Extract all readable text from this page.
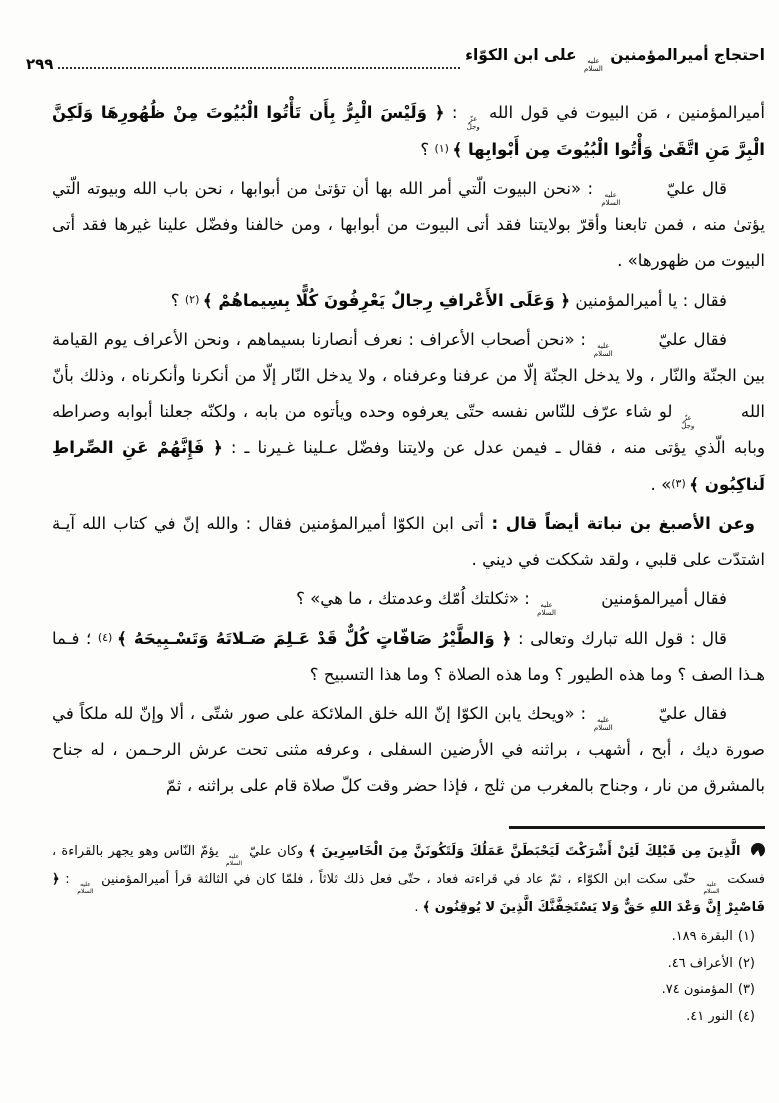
احتجاج أميرالمؤمنين
عليه
السلام
على ابن الكوّاء
٢٩٩

أميرالمؤمنين ، مَن البيوت في قول الله
عزّ
وجلّ
: ﴿ وَلَيْسَ الْبِرُّ بِأَن تَأْتُوا الْبُيُوتَ مِنْ ظُهُورِهَا وَلَكِنَّ الْبِرَّ مَنِ اتَّقَىٰ وَأْتُوا الْبُيُوتَ مِن أَبْوابِها ﴾ (١) ؟

قال عليّ
عليه
السلام
: «نحن البيوت الّتي أمر الله بها أن تؤتىٰ من أبوابها ، نحن باب الله وبيوته الّتي يؤتىٰ منه ، فمن تابعنا وأقرّ بولايتنا فقد أتى البيوت من أبوابها ، ومن خالفنا وفضّل علينا غيرها فقد أتى البيوت من ظهورها» .

فقال : يا أميرالمؤمنين ﴿ وَعَلَى الأَعْرافِ رِجالٌ يَعْرِفُونَ كُلًّا بِسِيماهُمْ ﴾ (٢) ؟

فقال عليّ
عليه
السلام
: «نحن أصحاب الأعراف : نعرف أنصارنا بسيماهم ، ونحن الأعراف يوم القيامة بين الجنّة والنّار ، ولا يدخل الجنّة إلّا من عرفنا وعرفناه ، ولا يدخل النّار إلّا من أنكرنا وأنكرناه ، وذلك بأنّ الله
عزّ
وجلّ
لو شاء عرّف للنّاس نفسه حتّى يعرفوه وحده ويأتوه من بابه ، ولكنّه جعلنا أبوابه وصراطه وبابه الّذي يؤتى منه ، فقال ـ فيمن عدل عن ولايتنا وفضّل عـلينا غـيرنا ـ : ﴿ فَإِنَّهُمْ عَنِ الصِّراطِ لَناكِبُون ﴾ (٣)» .

وعن الأصبغ بن نباتة أيضاً قال : أتى ابن الكوّا أميرالمؤمنين فقال : والله إنّ في كتاب الله آيـة اشتدّت على قلبي ، ولقد شككت في ديني .

فقال أميرالمؤمنين
عليه
السلام
: «ثكلتك اُمّك وعدمتك ، ما هي» ؟

قال : قول الله تبارك وتعالى : ﴿ وَالطَّيْرُ صَافّاتٍ كُلٌّ قَدْ عَـلِمَ صَـلاتَهُ وَتَسْـبِيحَهُ ﴾ (٤) ؛ فـما هـذا الصف ؟ وما هذه الطيور ؟ وما هذه الصلاة ؟ وما هذا التسبيح ؟

فقال عليّ
عليه
السلام
: «ويحك يابن الكوّا إنّ الله خلق الملائكة على صور شتّى ، ألا وإنّ لله ملكاً في صورة ديك ، أبح ، أشهب ، براثنه في الأرضين السفلى ، وعرفه مثنى تحت عرش الرحـمن ، له جناح بالمشرق من نار ، وجناح بالمغرب من ثلج ، فإذا حضر وقت كلّ صلاة قام على براثنه ، ثمّ

الَّذِينَ مِن قَبْلِكَ لَئِنْ أَشْرَكْتَ لَيَحْبَطَنَّ عَمَلُكَ وَلَتَكُونَنَّ مِنَ الْخَاسِرِينَ ﴾ وكان عليّ
عليه
السلام
يؤمّ النّاس وهو يجهر بالقراءة ، فسكت
عليه
السلام
حتّى سكت ابن الكوّاء ، ثمّ عاد في قراءته فعاد ، حتّى فعل ذلك ثلاثاً ، فلمّا كان في الثالثة قرأ أميرالمؤمنين
عليه
السلام
: ﴿ فَاصْبِرْ إِنَّ وَعْدَ اللهِ حَقٌّ وَلا يَسْتَخِفَّنَّكَ الَّذِينَ لا يُوقِنُون ﴾ .

(١)البقرة ١٨٩.
(٢)الأعراف ٤٦.
(٣)المؤمنون ٧٤.
(٤)النور ٤١.
